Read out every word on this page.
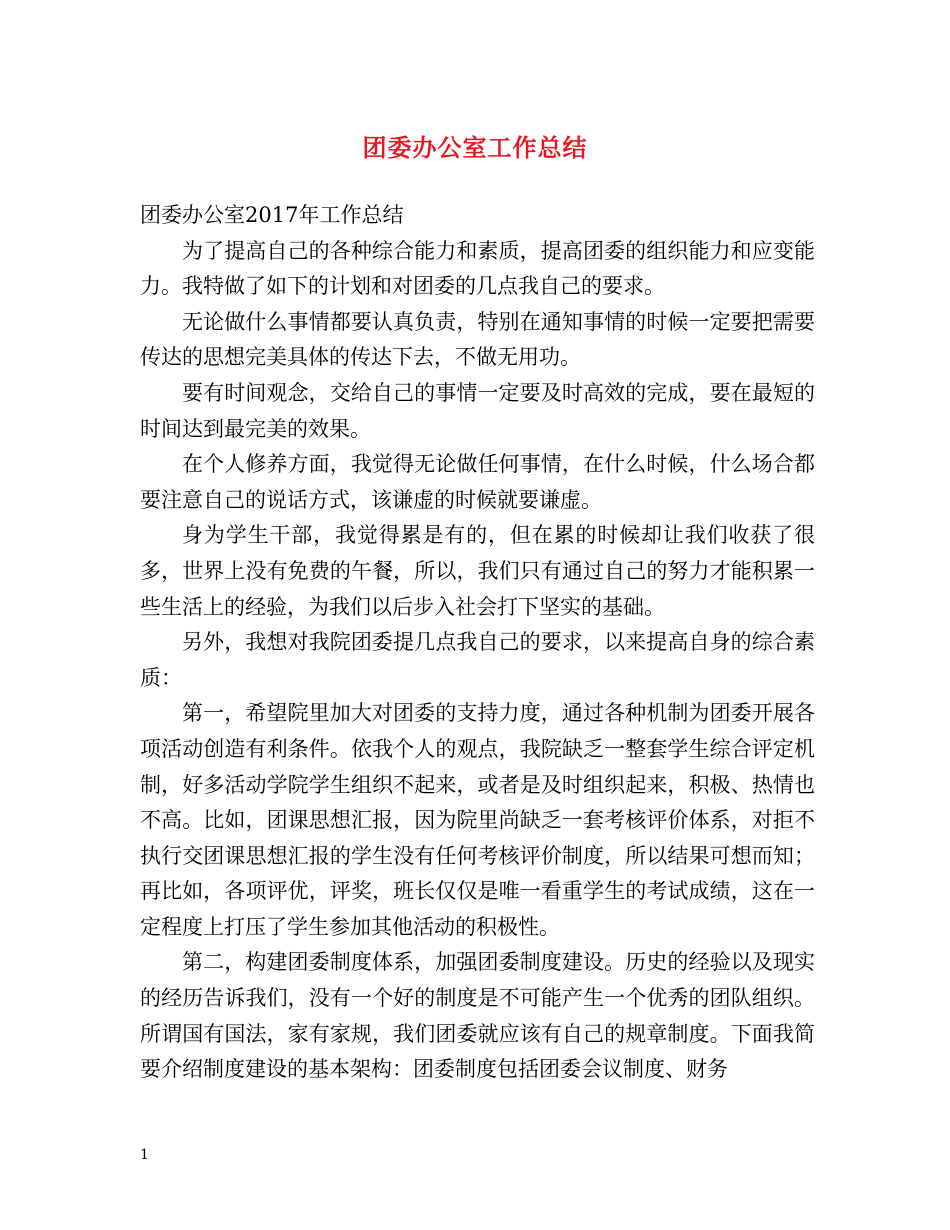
团委办公室工作总结

团委办公室2017年工作总结

为了提高自己的各种综合能力和素质，提高团委的组织能力和应变能力。我特做了如下的计划和对团委的几点我自己的要求。

无论做什么事情都要认真负责，特别在通知事情的时候一定要把需要传达的思想完美具体的传达下去，不做无用功。

要有时间观念，交给自己的事情一定要及时高效的完成，要在最短的时间达到最完美的效果。

在个人修养方面，我觉得无论做任何事情，在什么时候，什么场合都要注意自己的说话方式，该谦虚的时候就要谦虚。

身为学生干部，我觉得累是有的，但在累的时候却让我们收获了很多，世界上没有免费的午餐，所以，我们只有通过自己的努力才能积累一些生活上的经验，为我们以后步入社会打下坚实的基础。

另外，我想对我院团委提几点我自己的要求，以来提高自身的综合素质：

第一，希望院里加大对团委的支持力度，通过各种机制为团委开展各项活动创造有利条件。依我个人的观点，我院缺乏一整套学生综合评定机制，好多活动学院学生组织不起来，或者是及时组织起来，积极、热情也不高。比如，团课思想汇报，因为院里尚缺乏一套考核评价体系，对拒不执行交团课思想汇报的学生没有任何考核评价制度，所以结果可想而知；再比如，各项评优，评奖，班长仅仅是唯一看重学生的考试成绩，这在一定程度上打压了学生参加其他活动的积极性。

第二，构建团委制度体系，加强团委制度建设。历史的经验以及现实的经历告诉我们，没有一个好的制度是不可能产生一个优秀的团队组织。所谓国有国法，家有家规，我们团委就应该有自己的规章制度。下面我简要介绍制度建设的基本架构：团委制度包括团委会议制度、财务

1
